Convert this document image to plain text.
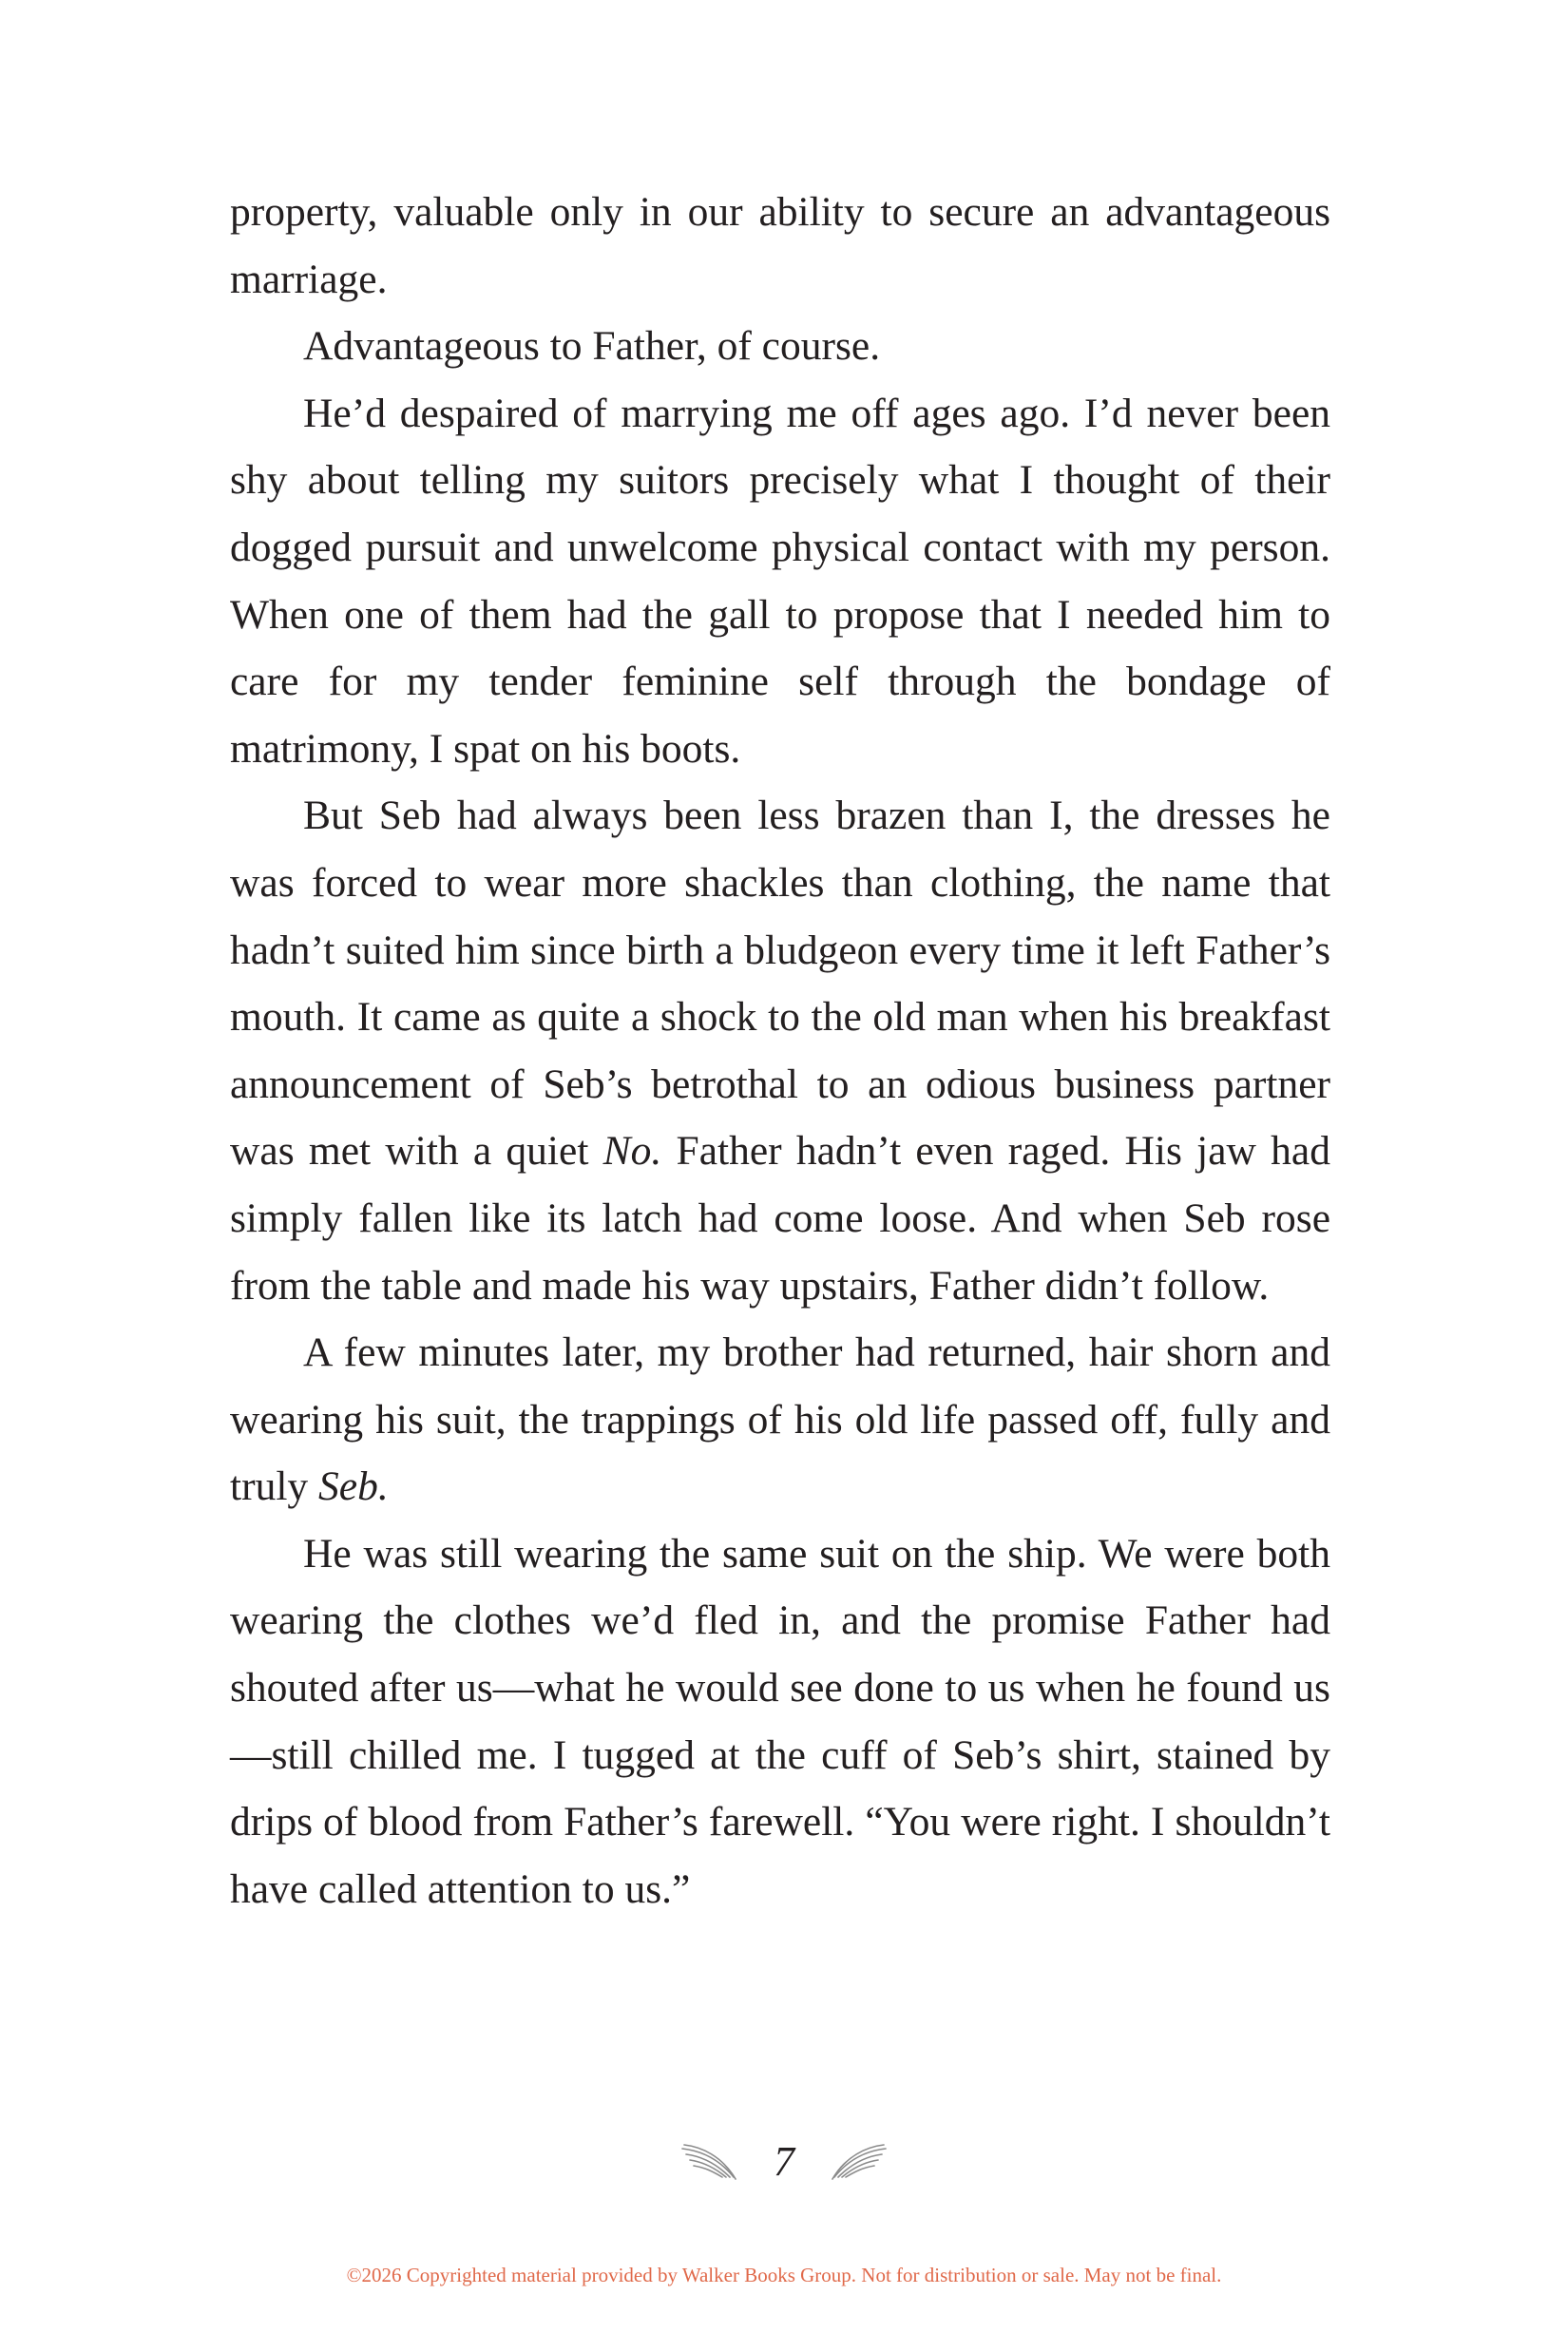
property, valuable only in our ability to secure an advantageous marriage.

Advantageous to Father, of course.

He’d despaired of marrying me off ages ago. I’d never been shy about telling my suitors precisely what I thought of their dogged pursuit and unwelcome physical contact with my person. When one of them had the gall to propose that I needed him to care for my tender feminine self through the bondage of matrimony, I spat on his boots.

But Seb had always been less brazen than I, the dresses he was forced to wear more shackles than clothing, the name that hadn’t suited him since birth a bludgeon every time it left Father’s mouth. It came as quite a shock to the old man when his breakfast announcement of Seb’s betrothal to an odious business partner was met with a quiet No. Father hadn’t even raged. His jaw had simply fallen like its latch had come loose. And when Seb rose from the table and made his way upstairs, Father didn’t follow.

A few minutes later, my brother had returned, hair shorn and wearing his suit, the trappings of his old life passed off, fully and truly Seb.

He was still wearing the same suit on the ship. We were both wearing the clothes we’d fled in, and the promise Father had shouted after us—what he would see done to us when he found us—still chilled me. I tugged at the cuff of Seb’s shirt, stained by drips of blood from Father’s farewell. “You were right. I shouldn’t have called attention to us.”

7
©2026 Copyrighted material provided by Walker Books Group. Not for distribution or sale. May not be final.
